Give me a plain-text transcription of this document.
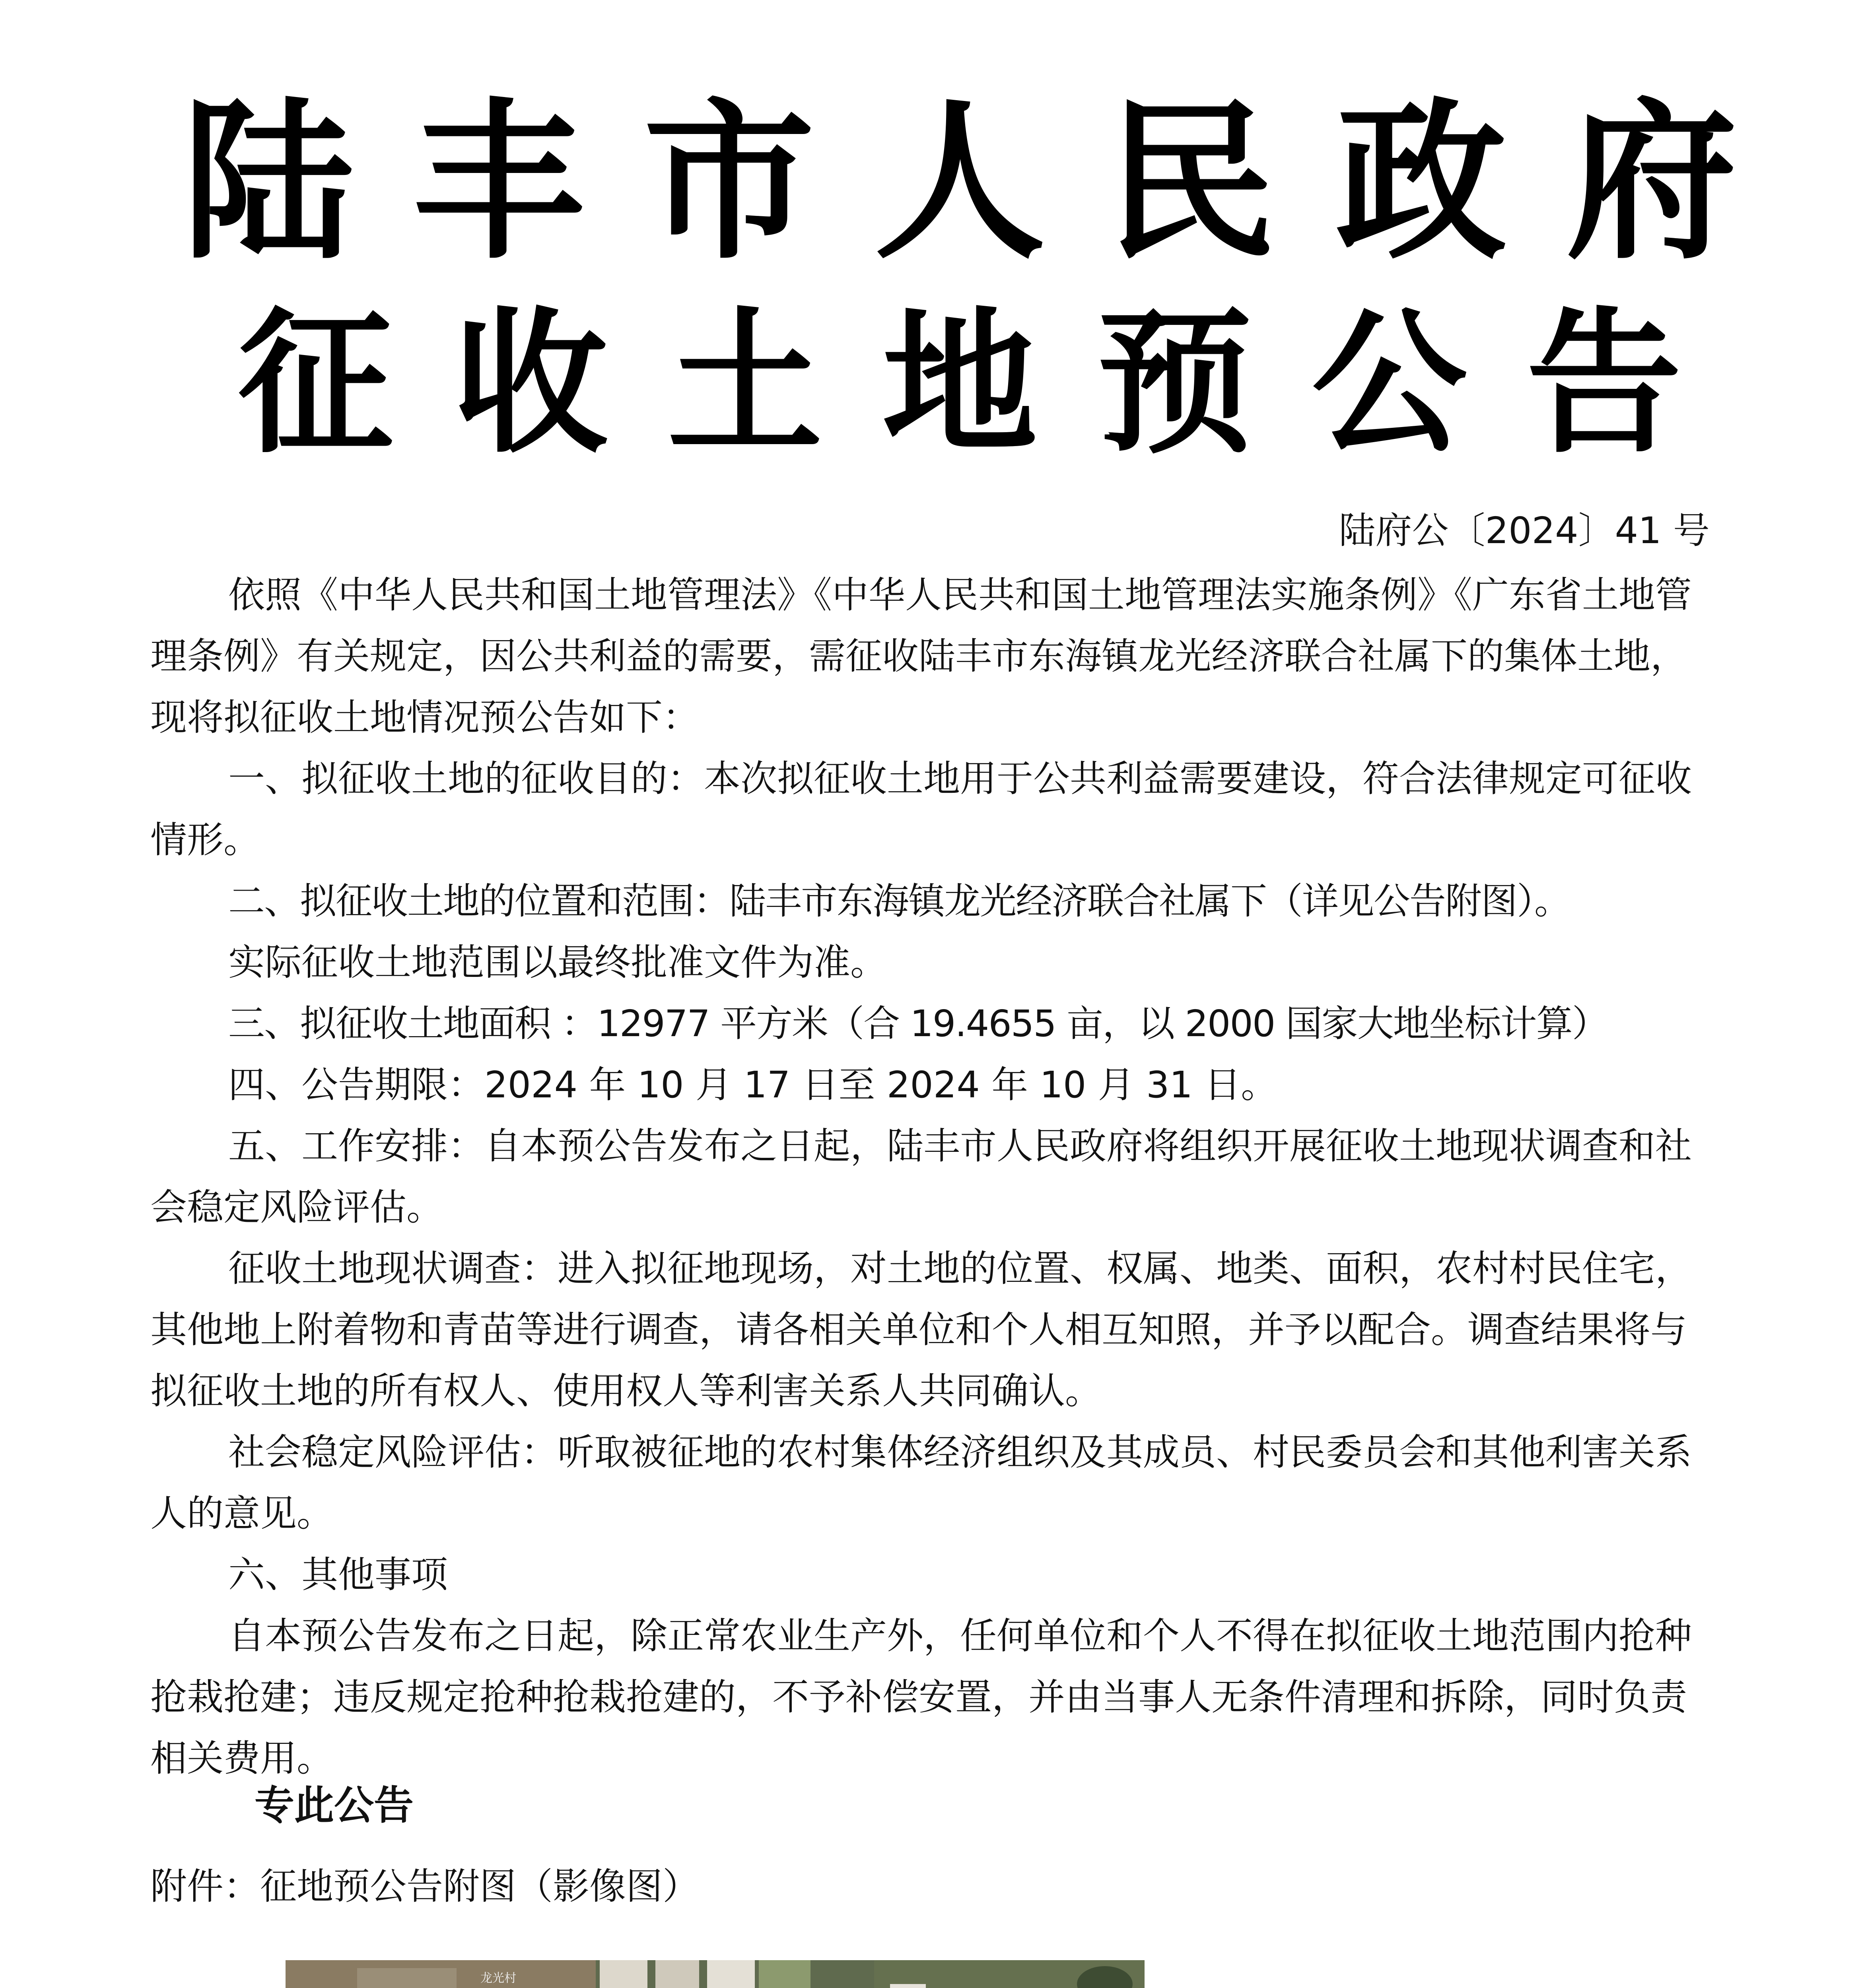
陆丰市人民政府
征收土地预公告
陆府公〔2024〕41 号

依照《中华人民共和国土地管理法》《中华人民共和国土地管理法实施条例》《广东省土地管理条例》有关规定，因公共利益的需要，需征收陆丰市东海镇龙光经济联合社属下的集体土地，现将拟征收土地情况预公告如下：

一、拟征收土地的征收目的：本次拟征收土地用于公共利益需要建设，符合法律规定可征收情形。

二、拟征收土地的位置和范围：陆丰市东海镇龙光经济联合社属下（详见公告附图）。

实际征收土地范围以最终批准文件为准。

三、拟征收土地面积 ：12977 平方米（合 19.4655 亩，以 2000 国家大地坐标计算）

四、公告期限：2024 年 10 月 17 日至 2024 年 10 月 31 日。

五、工作安排：自本预公告发布之日起，陆丰市人民政府将组织开展征收土地现状调查和社会稳定风险评估。

征收土地现状调查：进入拟征地现场，对土地的位置、权属、地类、面积，农村村民住宅，其他地上附着物和青苗等进行调查，请各相关单位和个人相互知照，并予以配合。调查结果将与拟征收土地的所有权人、使用权人等利害关系人共同确认。

社会稳定风险评估：听取被征地的农村集体经济组织及其成员、村民委员会和其他利害关系人的意见。

六、其他事项

自本预公告发布之日起，除正常农业生产外，任何单位和个人不得在拟征收土地范围内抢种抢栽抢建；违反规定抢种抢栽抢建的，不予补偿安置，并由当事人无条件清理和拆除，同时负责相关费用。

专此公告
附件：征地预公告附图（影像图）
龙光村
